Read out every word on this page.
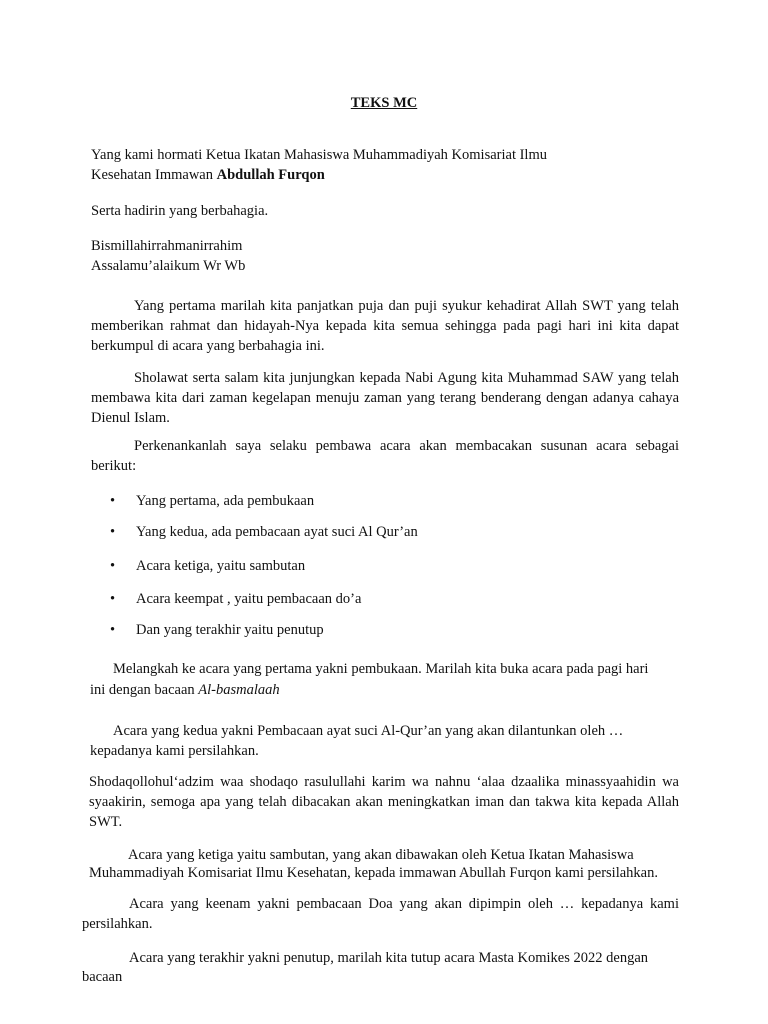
TEKS MC
Yang kami hormati Ketua Ikatan Mahasiswa Muhammadiyah Komisariat Ilmu
Kesehatan Immawan Abdullah Furqon
Serta hadirin yang berbahagia.
Bismillahirrahmanirrahim
Assalamu’alaikum Wr Wb
Yang pertama marilah kita panjatkan puja dan puji syukur kehadirat Allah SWT yang telah memberikan rahmat dan hidayah-Nya kepada kita semua sehingga pada pagi hari ini kita dapat berkumpul di acara yang berbahagia ini.
Sholawat serta salam kita junjungkan kepada Nabi Agung kita Muhammad SAW yang telah membawa kita dari zaman kegelapan menuju zaman yang terang benderang dengan adanya cahaya Dienul Islam.
Perkenankanlah saya selaku pembawa acara akan membacakan susunan acara sebagai berikut:
• Yang pertama, ada pembukaan
• Yang kedua, ada pembacaan ayat suci Al Qur’an
• Acara ketiga, yaitu sambutan
• Acara keempat , yaitu pembacaan do’a
• Dan yang terakhir yaitu penutup
Melangkah ke acara yang pertama yakni pembukaan. Marilah kita buka acara pada pagi hari
ini dengan bacaan Al-basmalaah
Acara yang kedua yakni Pembacaan ayat suci Al-Qur’an yang akan dilantunkan oleh …
kepadanya kami persilahkan.
Shodaqollohul‘adzim waa shodaqo rasulullahi karim wa nahnu ‘alaa dzaalika minassyaahidin wa syaakirin, semoga apa yang telah dibacakan akan meningkatkan iman dan takwa kita kepada Allah SWT.
Acara yang ketiga yaitu sambutan, yang akan dibawakan oleh Ketua Ikatan Mahasiswa
Muhammadiyah Komisariat Ilmu Kesehatan, kepada immawan Abullah Furqon kami persilahkan.
Acara yang keenam yakni pembacaan Doa yang akan dipimpin oleh … kepadanya kami persilahkan.
Acara yang terakhir yakni penutup, marilah kita tutup acara Masta Komikes 2022 dengan
bacaan
